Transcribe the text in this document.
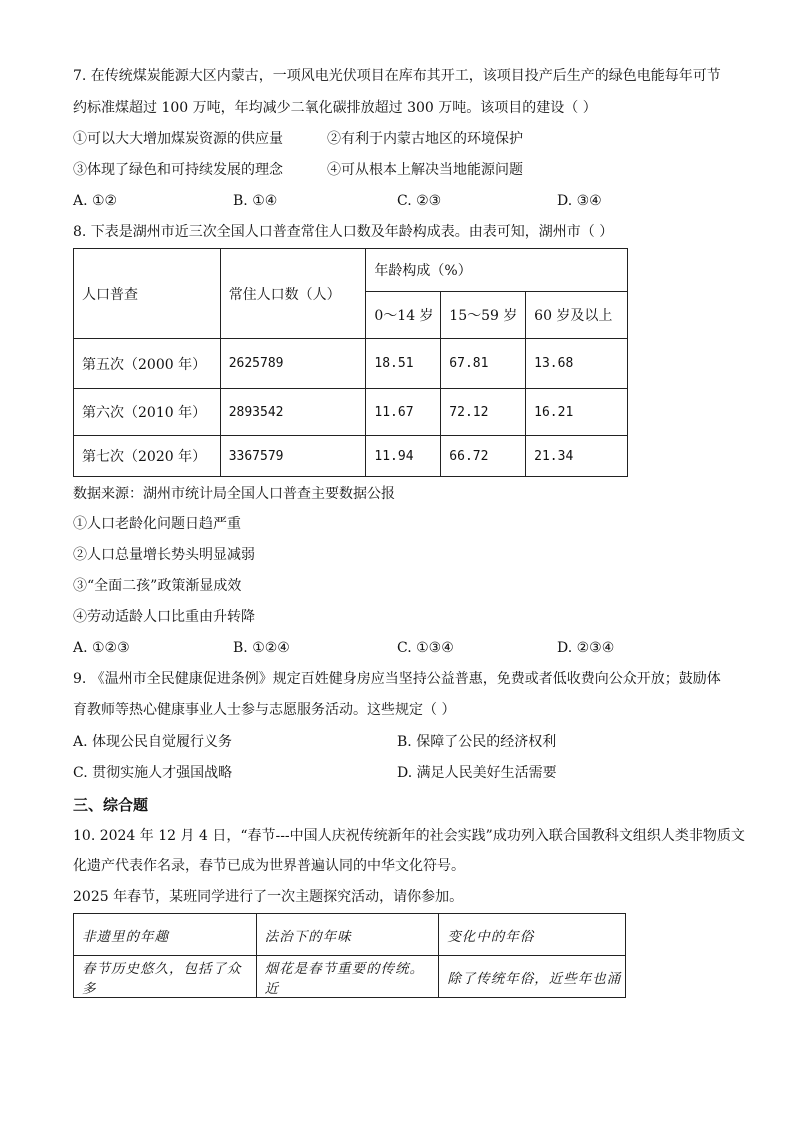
7. 在传统煤炭能源大区内蒙古，一项风电光伏项目在库布其开工，该项目投产后生产的绿色电能每年可节
约标准煤超过 100 万吨，年均减少二氧化碳排放超过 300 万吨。该项目的建设（ ）
①可以大大增加煤炭资源的供应量	②有利于内蒙古地区的环境保护
③体现了绿色和可持续发展的理念	④可从根本上解决当地能源问题
A. ①②	B. ①④	C. ②③	D. ③④
8. 下表是湖州市近三次全国人口普查常住人口数及年龄构成表。由表可知，湖州市（ ）
人口普查	常住人口数（人）	年龄构成（%）		
		0～14 岁	15～59 岁	60 岁及以上
第五次（2000 年）	2625789	18.51	67.81	13.68
第六次（2010 年）	2893542	11.67	72.12	16.21
第七次（2020 年）	3367579	11.94	66.72	21.34
数据来源：湖州市统计局全国人口普查主要数据公报
①人口老龄化问题日趋严重
②人口总量增长势头明显减弱
③“全面二孩”政策渐显成效
④劳动适龄人口比重由升转降
A. ①②③	B. ①②④	C. ①③④	D. ②③④
9. 《温州市全民健康促进条例》规定百姓健身房应当坚持公益普惠，免费或者低收费向公众开放；鼓励体
育教师等热心健康事业人士参与志愿服务活动。这些规定（ ）
A. 体现公民自觉履行义务	B. 保障了公民的经济权利
C. 贯彻实施人才强国战略	D. 满足人民美好生活需要
三、综合题
10. 2024 年 12 月 4 日，“春节---中国人庆祝传统新年的社会实践”成功列入联合国教科文组织人类非物质文
化遗产代表作名录，春节已成为世界普遍认同的中华文化符号。
2025 年春节，某班同学进行了一次主题探究活动，请你参加。
非遗里的年趣	法治下的年味	变化中的年俗
春节历史悠久，包括了众多	烟花是春节重要的传统。近	除了传统年俗，近些年也涌
